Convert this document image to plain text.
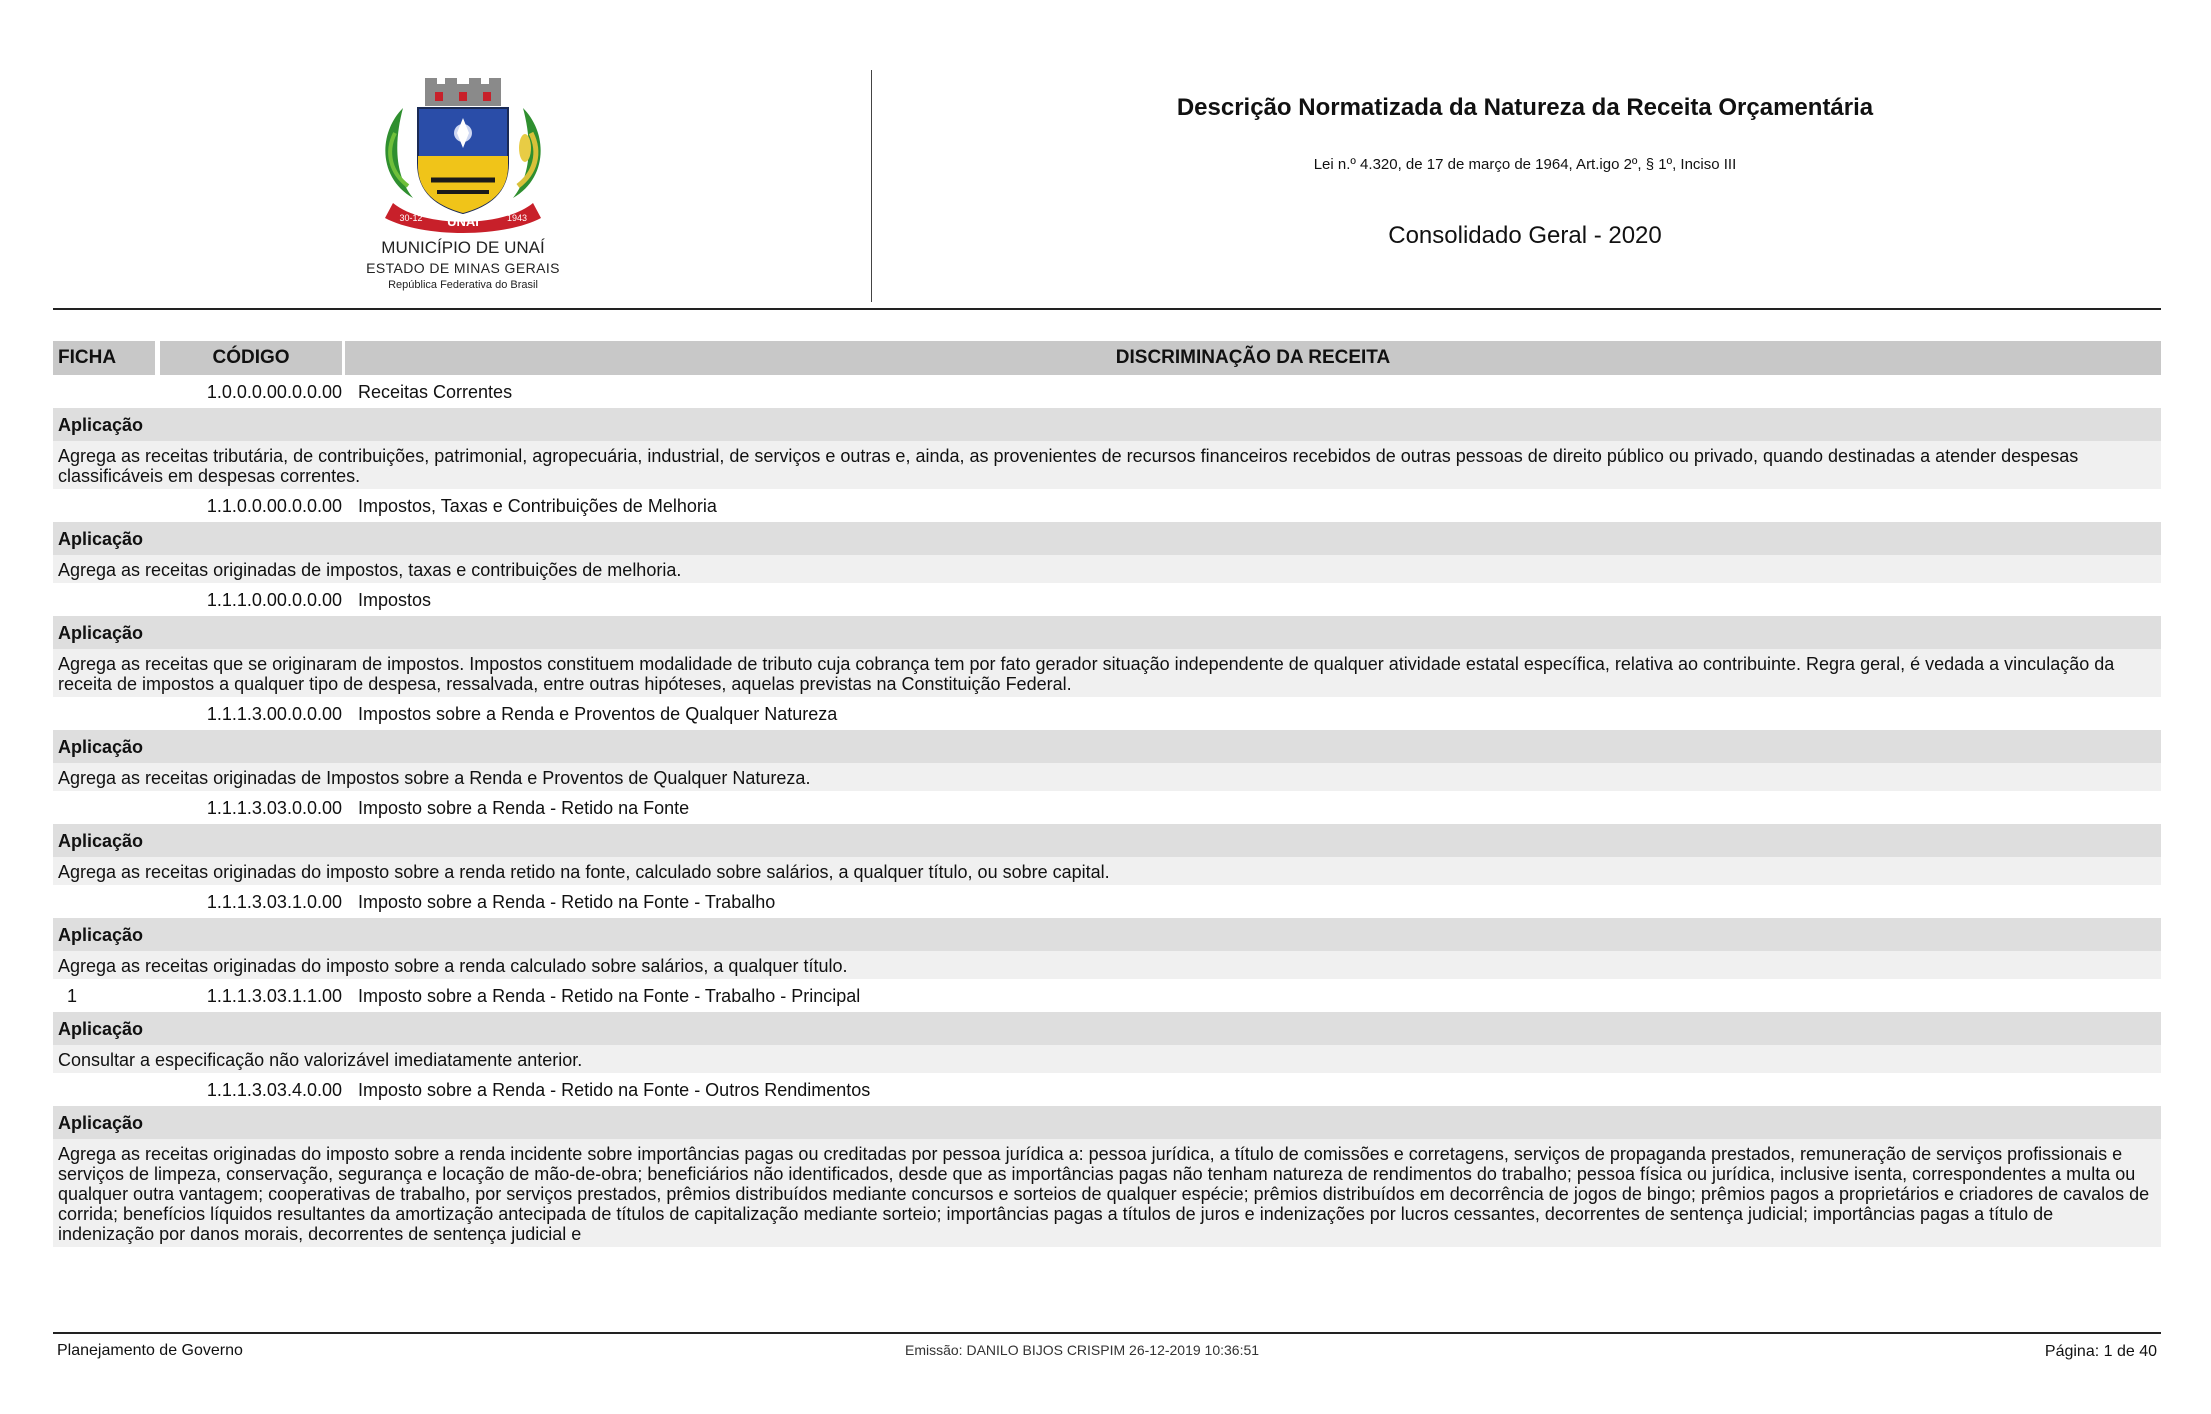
UNAÍ
30-12	1943
MUNICÍPIO DE UNAÍ
ESTADO DE MINAS GERAIS
República Federativa do Brasil
Descrição Normatizada da Natureza da Receita Orçamentária
Lei n.º 4.320, de 17 de março de 1964, Art.igo 2º, § 1º, Inciso III
Consolidado Geral - 2020
FICHA	CÓDIGO	DISCRIMINAÇÃO DA RECEITA
1.0.0.0.00.0.0.00 Receitas Correntes
Aplicação
Agrega as receitas tributária, de contribuições, patrimonial, agropecuária, industrial, de serviços e outras e, ainda, as provenientes de recursos financeiros recebidos de outras pessoas de direito público ou privado, quando destinadas a atender despesas classificáveis em despesas correntes.
1.1.0.0.00.0.0.00 Impostos, Taxas e Contribuições de Melhoria
Aplicação
Agrega as receitas originadas de impostos, taxas e contribuições de melhoria.
1.1.1.0.00.0.0.00 Impostos
Aplicação
Agrega as receitas que se originaram de impostos. Impostos constituem modalidade de tributo cuja cobrança tem por fato gerador situação independente de qualquer atividade estatal específica, relativa ao contribuinte. Regra geral, é vedada a vinculação da receita de impostos a qualquer tipo de despesa, ressalvada, entre outras hipóteses, aquelas previstas na Constituição Federal.
1.1.1.3.00.0.0.00 Impostos sobre a Renda e Proventos de Qualquer Natureza
Aplicação
Agrega as receitas originadas de Impostos sobre a Renda e Proventos de Qualquer Natureza.
1.1.1.3.03.0.0.00 Imposto sobre a Renda - Retido na Fonte
Aplicação
Agrega as receitas originadas do imposto sobre a renda retido na fonte, calculado sobre salários, a qualquer título, ou sobre capital.
1.1.1.3.03.1.0.00 Imposto sobre a Renda - Retido na Fonte - Trabalho
Aplicação
Agrega as receitas originadas do imposto sobre a renda calculado sobre salários, a qualquer título.
1	1.1.1.3.03.1.1.00 Imposto sobre a Renda - Retido na Fonte - Trabalho - Principal
Aplicação
Consultar a especificação não valorizável imediatamente anterior.
1.1.1.3.03.4.0.00 Imposto sobre a Renda - Retido na Fonte - Outros Rendimentos
Aplicação
Agrega as receitas originadas do imposto sobre a renda incidente sobre importâncias pagas ou creditadas por pessoa jurídica a: pessoa jurídica, a título de comissões e corretagens, serviços de propaganda prestados, remuneração de serviços profissionais e serviços de limpeza, conservação, segurança e locação de mão-de-obra; beneficiários não identificados, desde que as importâncias pagas não tenham natureza de rendimentos do trabalho; pessoa física ou jurídica, inclusive isenta, correspondentes a multa ou qualquer outra vantagem; cooperativas de trabalho, por serviços prestados, prêmios distribuídos mediante concursos e sorteios de qualquer espécie; prêmios distribuídos em decorrência de jogos de bingo; prêmios pagos a proprietários e criadores de cavalos de corrida; benefícios líquidos resultantes da amortização antecipada de títulos de capitalização mediante sorteio; importâncias pagas a títulos de juros e indenizações por lucros cessantes, decorrentes de sentença judicial; importâncias pagas a título de indenização por danos morais, decorrentes de sentença judicial e
Planejamento de Governo	Emissão: DANILO BIJOS CRISPIM 26-12-2019 10:36:51	Página: 1 de 40
